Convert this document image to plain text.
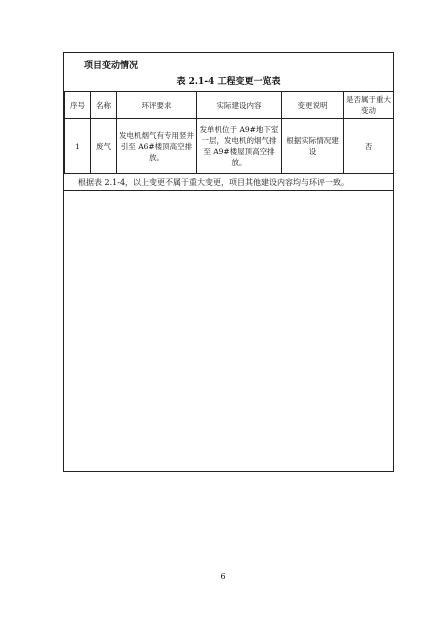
项目变动情况
表 2.1-4 工程变更一览表
序号	名称	环评要求	实际建设内容	变更说明	是否属于重大变动
1	废气	发电机烟气有专用竖井引至 A6#楼顶高空排放。	发单机位于 A9#地下室一层，发电机的烟气排至 A9#楼屋顶高空排放。	根据实际情况建设	否
根据表 2.1-4，以上变更不属于重大变更，项目其他建设内容均与环评一致。
6
